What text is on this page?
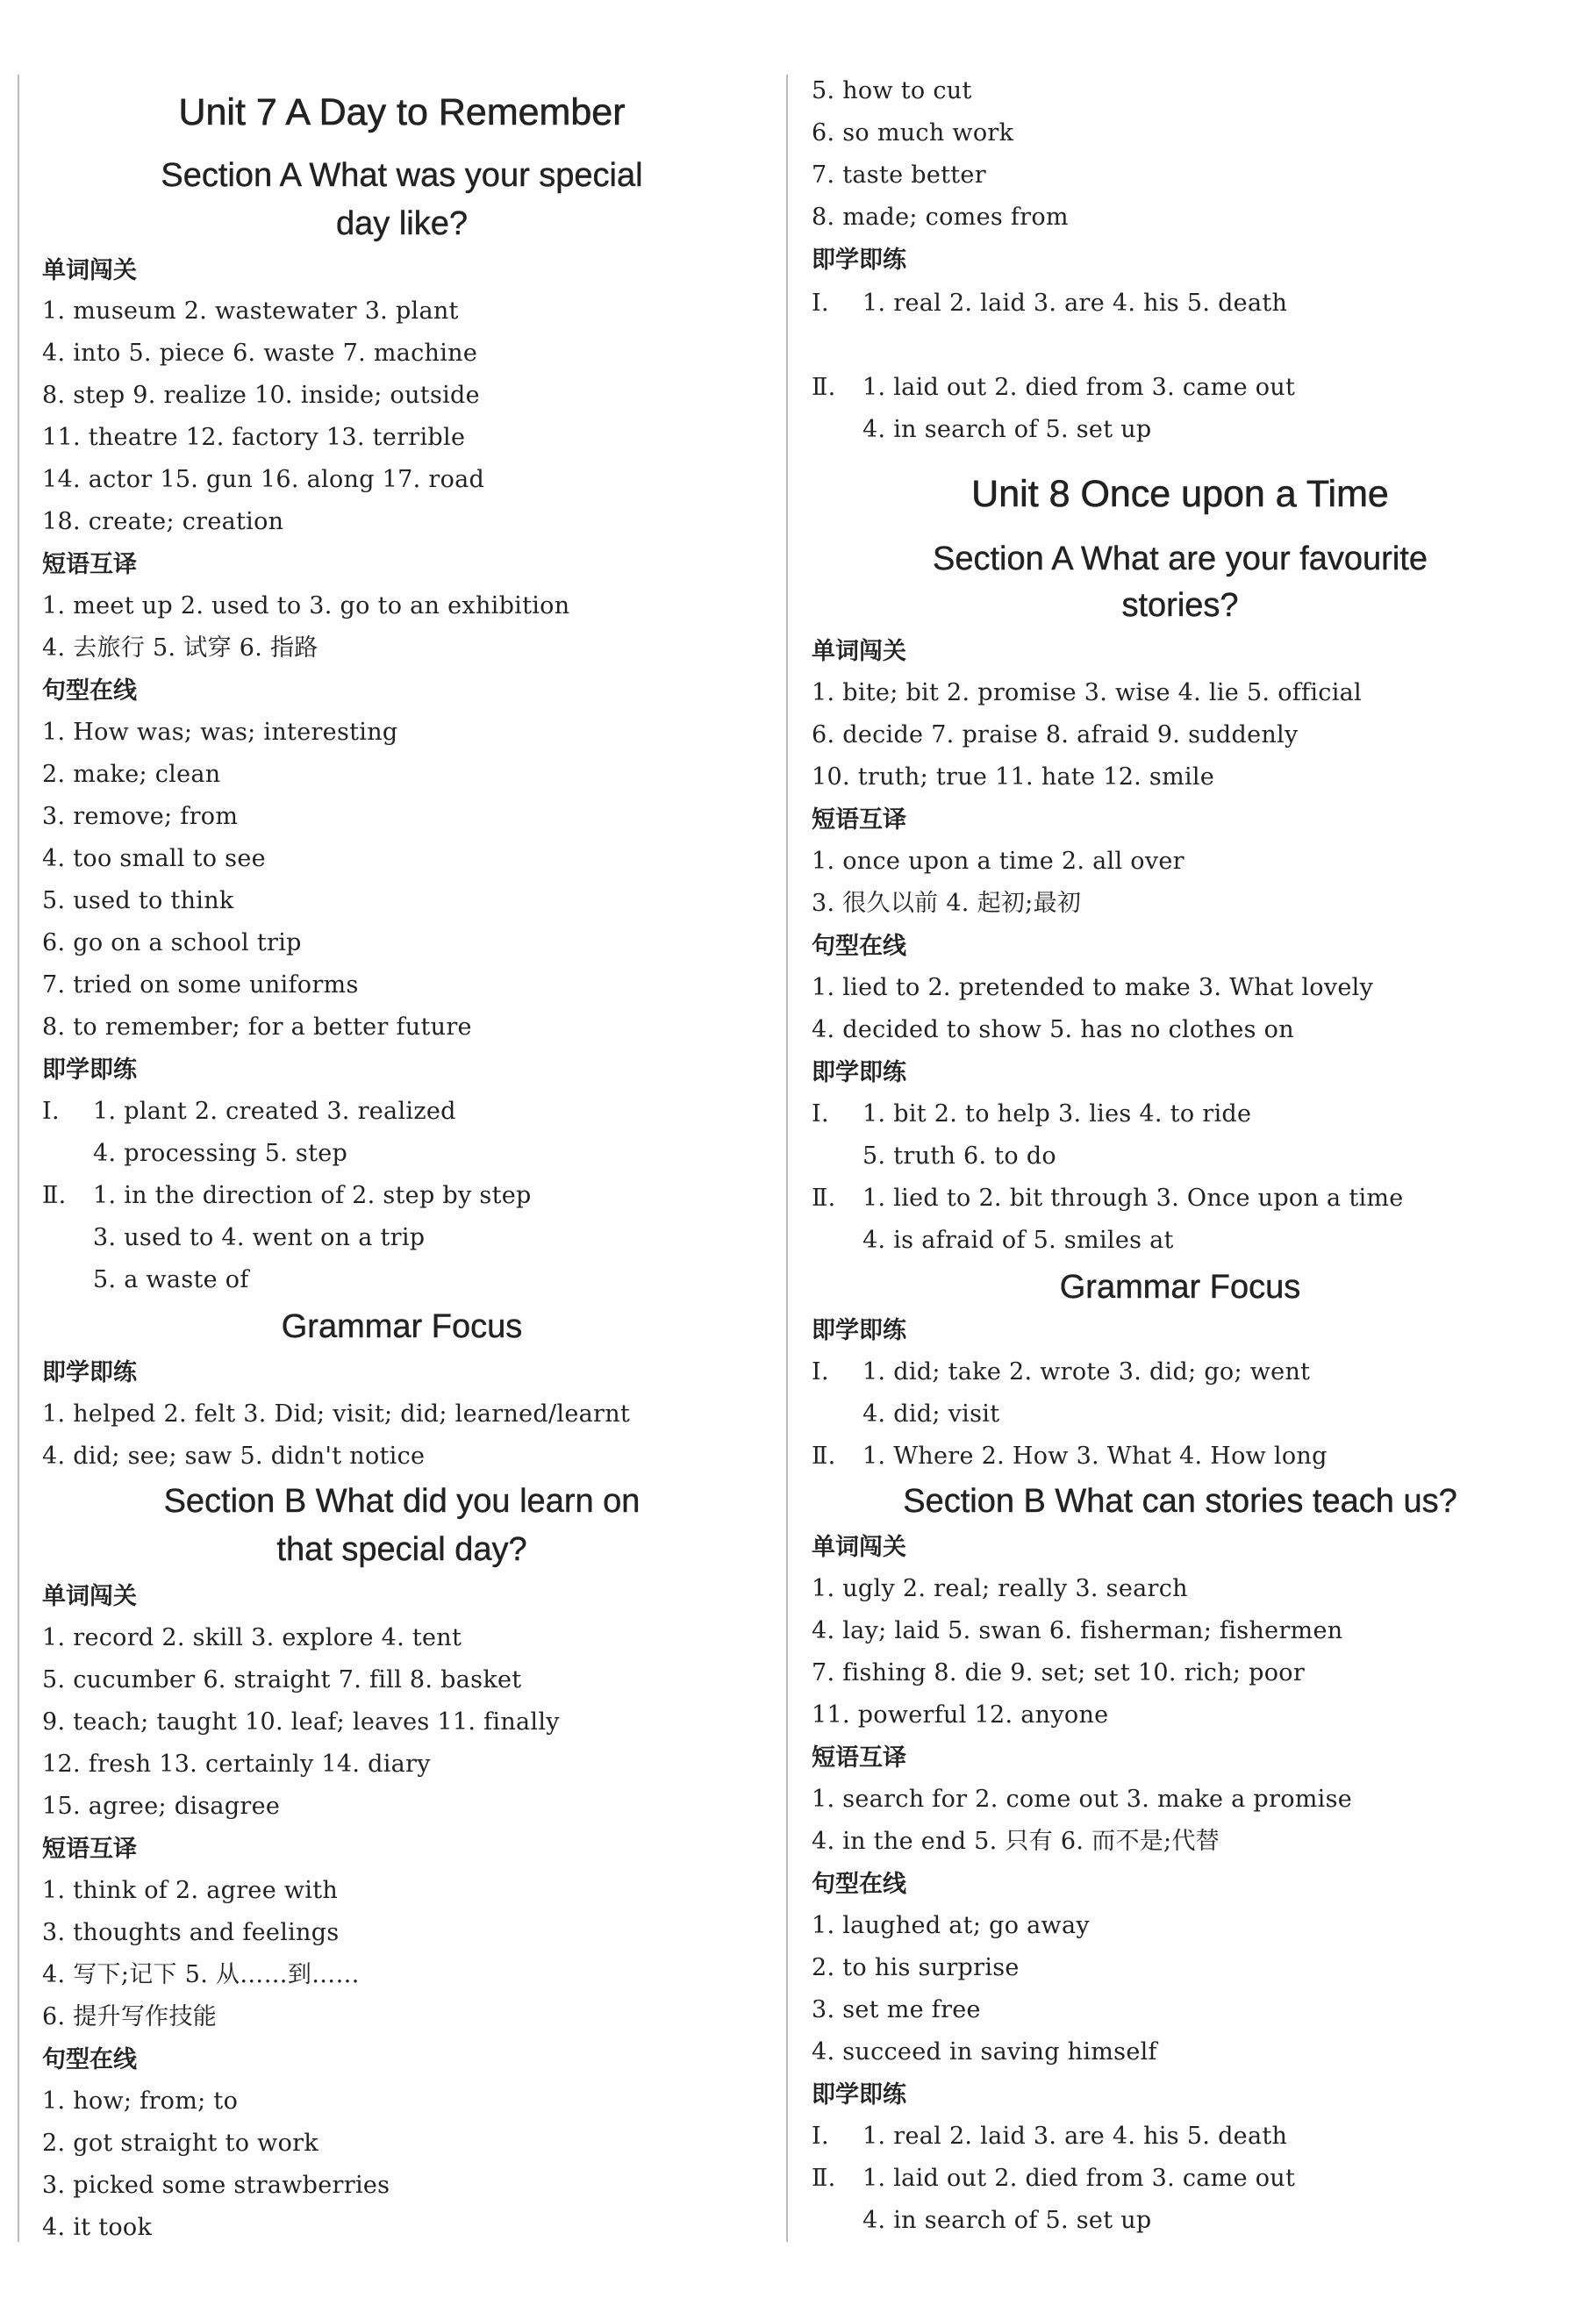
Unit 7 A Day to Remember
Section A What was your special
day like?
单词闯关
1. museum 2. wastewater 3. plant
4. into 5. piece 6. waste 7. machine
8. step 9. realize 10. inside; outside
11. theatre 12. factory 13. terrible
14. actor 15. gun 16. along 17. road
18. create; creation
短语互译
1. meet up 2. used to 3. go to an exhibition
4. 去旅行 5. 试穿 6. 指路
句型在线
1. How was; was; interesting
2. make; clean
3. remove; from
4. too small to see
5. used to think
6. go on a school trip
7. tried on some uniforms
8. to remember; for a better future
即学即练
Ⅰ. 1. plant 2. created 3. realized
4. processing 5. step
Ⅱ. 1. in the direction of 2. step by step
3. used to 4. went on a trip
5. a waste of
Grammar Focus
即学即练
1. helped 2. felt 3. Did; visit; did; learned/learnt
4. did; see; saw 5. didn't notice
Section B What did you learn on
that special day?
单词闯关
1. record 2. skill 3. explore 4. tent
5. cucumber 6. straight 7. fill 8. basket
9. teach; taught 10. leaf; leaves 11. finally
12. fresh 13. certainly 14. diary
15. agree; disagree
短语互译
1. think of 2. agree with
3. thoughts and feelings
4. 写下;记下 5. 从……到……
6. 提升写作技能
句型在线
1. how; from; to
2. got straight to work
3. picked some strawberries
4. it took
5. how to cut
6. so much work
7. taste better
8. made; comes from
即学即练
Ⅰ. 1. real 2. laid 3. are 4. his 5. death
Ⅱ. 1. laid out 2. died from 3. came out
4. in search of 5. set up
Unit 8 Once upon a Time
Section A What are your favourite
stories?
单词闯关
1. bite; bit 2. promise 3. wise 4. lie 5. official
6. decide 7. praise 8. afraid 9. suddenly
10. truth; true 11. hate 12. smile
短语互译
1. once upon a time 2. all over
3. 很久以前 4. 起初;最初
句型在线
1. lied to 2. pretended to make 3. What lovely
4. decided to show 5. has no clothes on
即学即练
Ⅰ. 1. bit 2. to help 3. lies 4. to ride
5. truth 6. to do
Ⅱ. 1. lied to 2. bit through 3. Once upon a time
4. is afraid of 5. smiles at
Grammar Focus
即学即练
Ⅰ. 1. did; take 2. wrote 3. did; go; went
4. did; visit
Ⅱ. 1. Where 2. How 3. What 4. How long
Section B What can stories teach us?
单词闯关
1. ugly 2. real; really 3. search
4. lay; laid 5. swan 6. fisherman; fishermen
7. fishing 8. die 9. set; set 10. rich; poor
11. powerful 12. anyone
短语互译
1. search for 2. come out 3. make a promise
4. in the end 5. 只有 6. 而不是;代替
句型在线
1. laughed at; go away
2. to his surprise
3. set me free
4. succeed in saving himself
即学即练
Ⅰ. 1. real 2. laid 3. are 4. his 5. death
Ⅱ. 1. laid out 2. died from 3. came out
4. in search of 5. set up
